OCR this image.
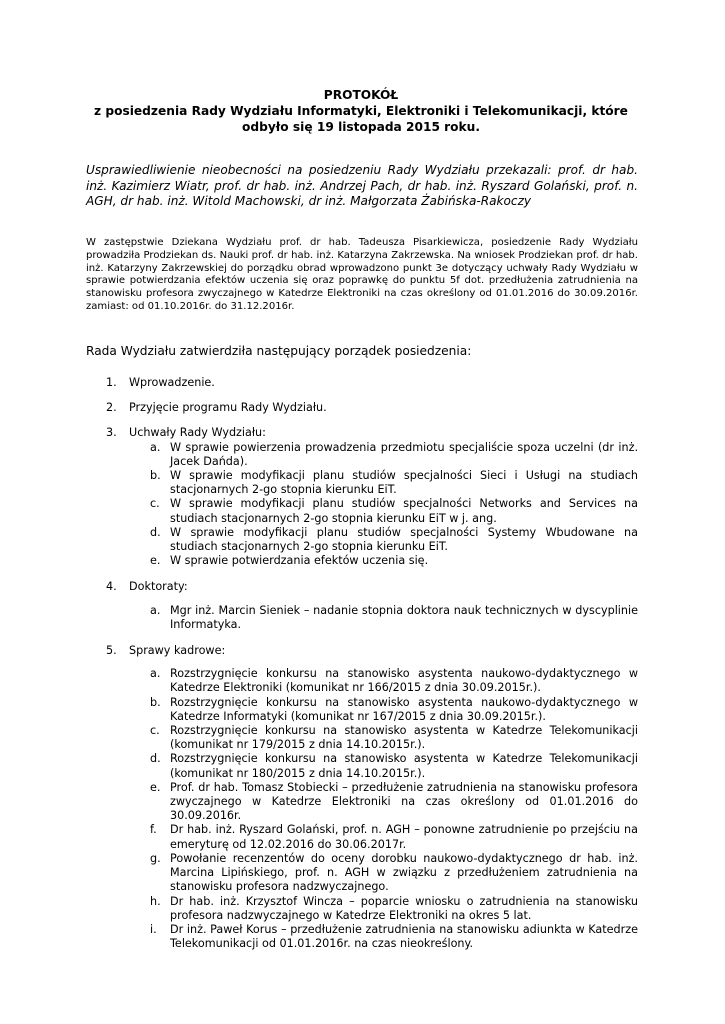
PROTOKÓŁ
z posiedzenia Rady Wydziału Informatyki, Elektroniki i Telekomunikacji, które
odbyło się 19 listopada 2015 roku.
Usprawiedliwienie nieobecności na posiedzeniu Rady Wydziału przekazali: prof. dr hab. inż. Kazimierz Wiatr, prof. dr hab. inż. Andrzej Pach, dr hab. inż. Ryszard Golański, prof. n. AGH, dr hab. inż. Witold Machowski, dr inż. Małgorzata Żabińska-Rakoczy
W zastępstwie Dziekana Wydziału prof. dr hab. Tadeusza Pisarkiewicza, posiedzenie Rady Wydziału prowadziła Prodziekan ds. Nauki prof. dr hab. inż. Katarzyna Zakrzewska. Na wniosek Prodziekan prof. dr hab. inż. Katarzyny Zakrzewskiej do porządku obrad wprowadzono punkt 3e dotyczący uchwały Rady Wydziału w sprawie potwierdzania efektów uczenia się oraz poprawkę do punktu 5f dot. przedłużenia zatrudnienia na stanowisku profesora zwyczajnego w Katedrze Elektroniki na czas określony od 01.01.2016 do 30.09.2016r. zamiast: od 01.10.2016r. do 31.12.2016r.
Rada Wydziału zatwierdziła następujący porządek posiedzenia:
1. Wprowadzenie.
2. Przyjęcie programu Rady Wydziału.
3. Uchwały Rady Wydziału:
a. W sprawie powierzenia prowadzenia przedmiotu specjaliście spoza uczelni (dr inż. Jacek Dańda).
b. W sprawie modyfikacji planu studiów specjalności Sieci i Usługi na studiach stacjonarnych 2-go stopnia kierunku EiT.
c. W sprawie modyfikacji planu studiów specjalności Networks and Services na studiach stacjonarnych 2-go stopnia kierunku EiT w j. ang.
d. W sprawie modyfikacji planu studiów specjalności Systemy Wbudowane na studiach stacjonarnych 2-go stopnia kierunku EiT.
e. W sprawie potwierdzania efektów uczenia się.
4. Doktoraty:
a. Mgr inż. Marcin Sieniek – nadanie stopnia doktora nauk technicznych w dyscyplinie Informatyka.
5. Sprawy kadrowe:
a. Rozstrzygnięcie konkursu na stanowisko asystenta naukowo-dydaktycznego w Katedrze Elektroniki (komunikat nr 166/2015 z dnia 30.09.2015r.).
b. Rozstrzygnięcie konkursu na stanowisko asystenta naukowo-dydaktycznego w Katedrze Informatyki (komunikat nr 167/2015 z dnia 30.09.2015r.).
c. Rozstrzygnięcie konkursu na stanowisko asystenta w Katedrze Telekomunikacji (komunikat nr 179/2015 z dnia 14.10.2015r.).
d. Rozstrzygnięcie konkursu na stanowisko asystenta w Katedrze Telekomunikacji (komunikat nr 180/2015 z dnia 14.10.2015r.).
e. Prof. dr hab. Tomasz Stobiecki – przedłużenie zatrudnienia na stanowisku profesora zwyczajnego w Katedrze Elektroniki na czas określony od 01.01.2016 do 30.09.2016r.
f. Dr hab. inż. Ryszard Golański, prof. n. AGH – ponowne zatrudnienie po przejściu na emeryturę od 12.02.2016 do 30.06.2017r.
g. Powołanie recenzentów do oceny dorobku naukowo-dydaktycznego dr hab. inż. Marcina Lipińskiego, prof. n. AGH w związku z przedłużeniem zatrudnienia na stanowisku profesora nadzwyczajnego.
h. Dr hab. inż. Krzysztof Wincza – poparcie wniosku o zatrudnienia na stanowisku profesora nadzwyczajnego w Katedrze Elektroniki na okres 5 lat.
i. Dr inż. Paweł Korus – przedłużenie zatrudnienia na stanowisku adiunkta w Katedrze Telekomunikacji od 01.01.2016r. na czas nieokreślony.
